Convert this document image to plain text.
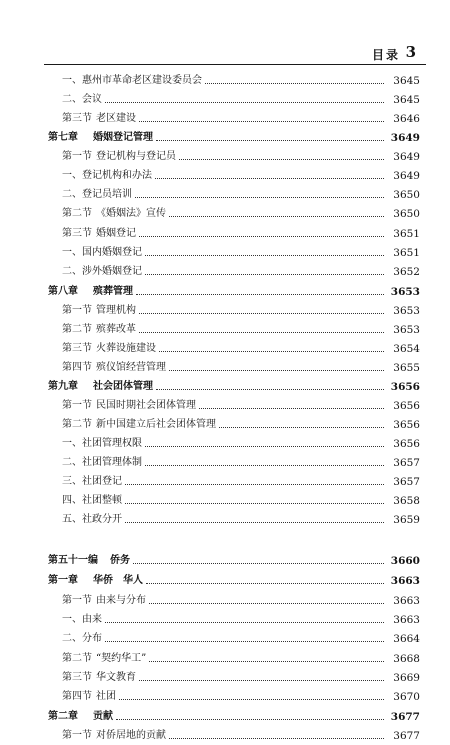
目录 3
一、惠州市革命老区建设委员会	3645
二、会议	3645
第三节 老区建设	3646
第七章 婚姻登记管理	3649
第一节 登记机构与登记员	3649
一、登记机构和办法	3649
二、登记员培训	3650
第二节 《婚姻法》宣传	3650
第三节 婚姻登记	3651
一、国内婚姻登记	3651
二、涉外婚姻登记	3652
第八章 殡葬管理	3653
第一节 管理机构	3653
第二节 殡葬改革	3653
第三节 火葬设施建设	3654
第四节 殡仪馆经营管理	3655
第九章 社会团体管理	3656
第一节 民国时期社会团体管理	3656
第二节 新中国建立后社会团体管理	3656
一、社团管理权限	3656
二、社团管理体制	3657
三、社团登记	3657
四、社团整顿	3658
五、社政分开	3659
第五十一编 侨务	3660
第一章 华侨　华人	3663
第一节 由来与分布	3663
一、由来	3663
二、分布	3664
第二节 “契约华工”	3668
第三节 华文教育	3669
第四节 社团	3670
第二章 贡献	3677
第一节 对侨居地的贡献	3677
